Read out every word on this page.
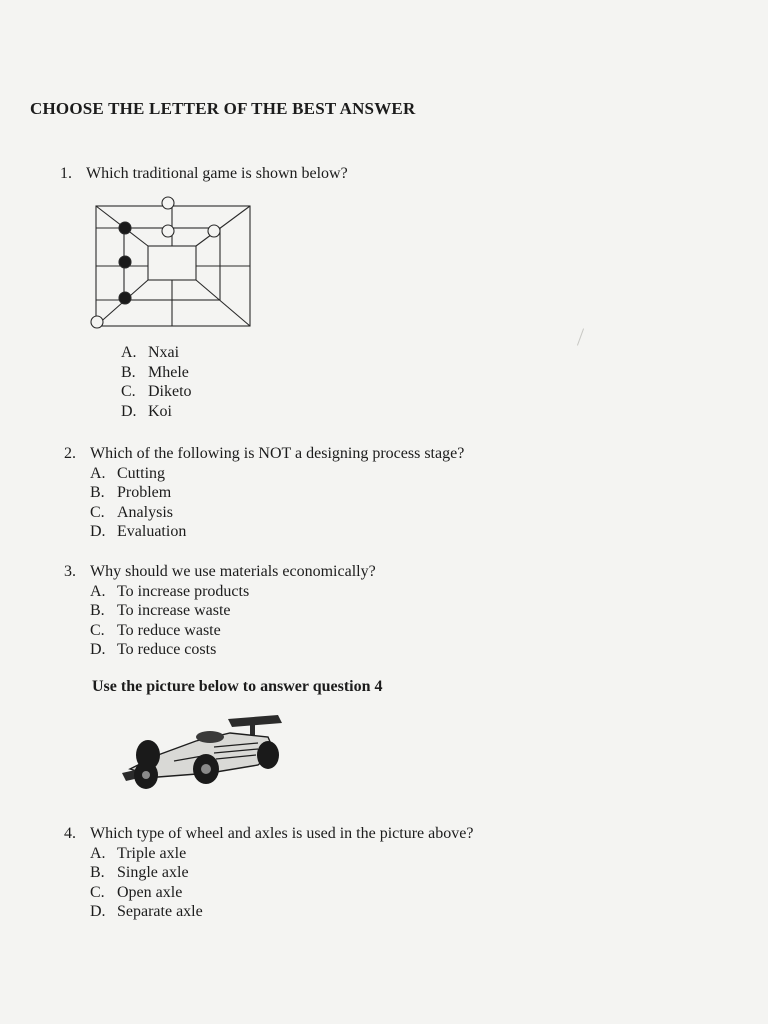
CHOOSE THE LETTER OF THE BEST ANSWER
1. Which traditional game is shown below?
A. Nxai
B. Mhele
C. Diketo
D. Koi
2. Which of the following is NOT a designing process stage?
A. Cutting
B. Problem
C. Analysis
D. Evaluation
3. Why should we use materials economically?
A. To increase products
B. To increase waste
C. To reduce waste
D. To reduce costs
Use the picture below to answer question 4
4. Which type of wheel and axles is used in the picture above?
A. Triple axle
B. Single axle
C. Open axle
D. Separate axle
